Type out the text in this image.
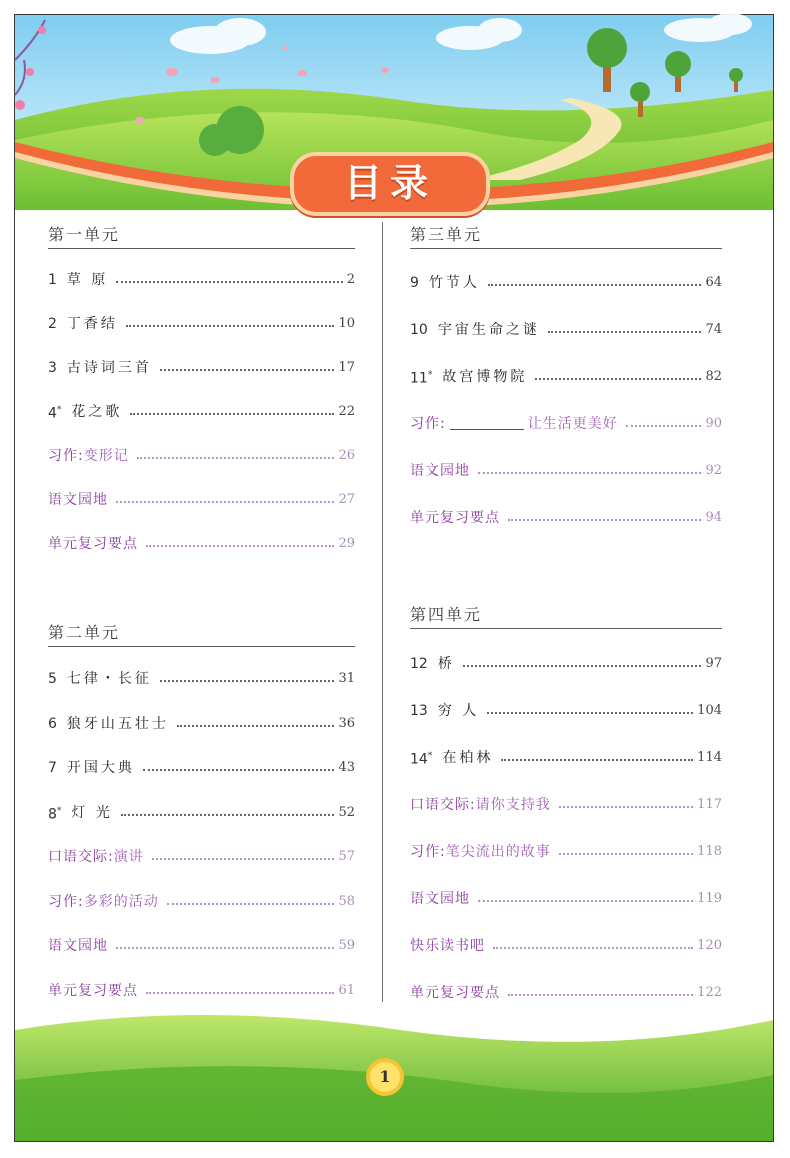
目录
第一单元
1 草 原	2
2 丁香结	10
3 古诗词三首	17
4* 花之歌	22
习作:变形记	26
语文园地	27
单元复习要点	29
第二单元
5 七律・长征	31
6 狼牙山五壮士	36
7 开国大典	43
8* 灯 光	52
口语交际:演讲	57
习作:多彩的活动	58
语文园地	59
单元复习要点	61
第三单元
9 竹节人	64
10 宇宙生命之谜	74
11* 故宫博物院	82
习作:	让生活更美好	90
语文园地	92
单元复习要点	94
第四单元
12 桥	97
13 穷 人	104
14* 在柏林	114
口语交际:请你支持我	117
习作:笔尖流出的故事	118
语文园地	119
快乐读书吧	120
单元复习要点	122
1
